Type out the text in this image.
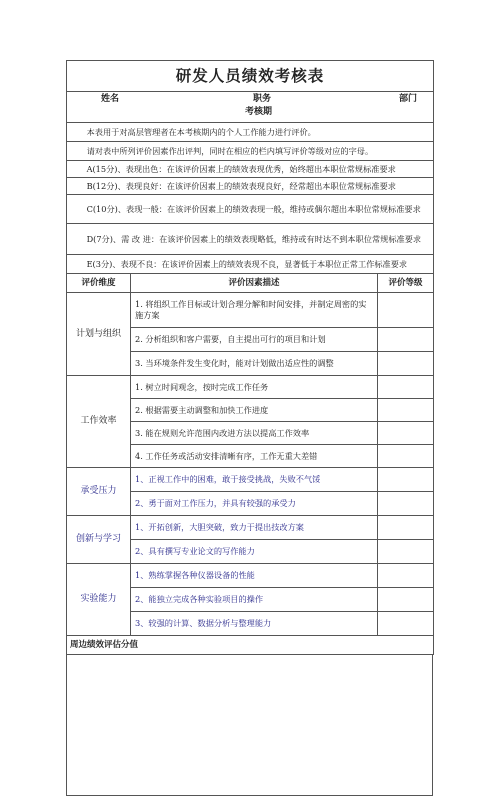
研发人员绩效考核表		

姓名 职务 部门
考核期		

本表用于对高层管理者在本考核期内的个人工作能力进行评价。		
请对表中所列评价因素作出评判，同时在相应的栏内填写评价等级对应的字母。		
A(15分)、表现出色：在该评价因素上的绩效表现优秀，始终超出本职位常规标准要求		
B(12分)、表现良好：在该评价因素上的绩效表现良好，经常超出本职位常规标准要求		
C(10分)、表现一般：在该评价因素上的绩效表现一般，维持或偶尔超出本职位常规标准要求		
D(7分)、需 改 进：在该评价因素上的绩效表现略低，维持或有时达不到本职位常规标准要求		
E(3分)、表现不良：在该评价因素上的绩效表现不良，显著低于本职位正常工作标准要求		
评价维度	评价因素描述	评价等级
计划与组织	1. 将组织工作目标或计划合理分解和时间安排，并制定周密的实施方案	
	2. 分析组织和客户需要，自主提出可行的项目和计划	
	3. 当环境条件发生变化时，能对计划做出适应性的调整	
工作效率	1. 树立时间观念，按时完成工作任务	
	2. 根据需要主动调整和加快工作进度	
	3. 能在规则允许范围内改进方法以提高工作效率	
	4. 工作任务或活动安排清晰有序，工作无重大差错	
承受压力	1、正视工作中的困难，敢于接受挑战，失败不气馁	
	2、勇于面对工作压力，并具有较强的承受力	
创新与学习	1、开拓创新，大胆突破，致力于提出技改方案	
	2、具有撰写专业论文的写作能力	
实验能力	1、熟练掌握各种仪器设备的性能	
	2、能独立完成各种实验项目的操作	
	3、较强的计算、数据分析与整理能力	
周边绩效评估分值		
